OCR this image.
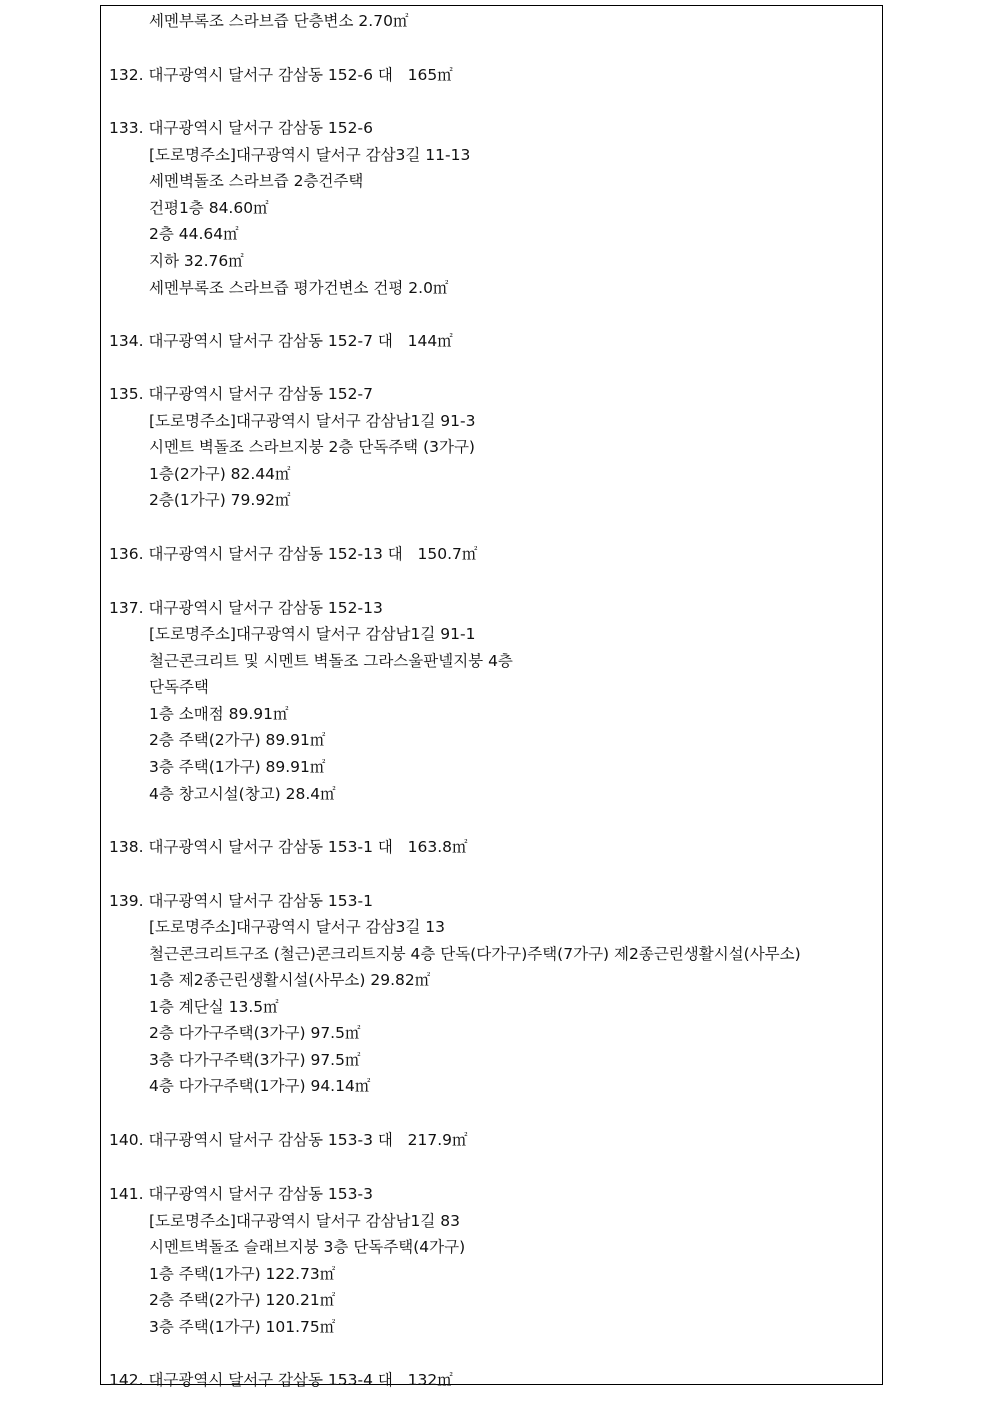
세멘부록조 스라브즙 단층변소 2.70㎡
132. 대구광역시 달서구 감삼동 152-6 대   165㎡
133. 대구광역시 달서구 감삼동 152-6
[도로명주소]대구광역시 달서구 감삼3길 11-13
세멘벽돌조 스라브즙 2층건주택
건평1층 84.60㎡
2층 44.64㎡
지하 32.76㎡
세멘부록조 스라브즙 평가건변소 건평 2.0㎡
134. 대구광역시 달서구 감삼동 152-7 대   144㎡
135. 대구광역시 달서구 감삼동 152-7
[도로명주소]대구광역시 달서구 감삼남1길 91-3
시멘트 벽돌조 스라브지붕 2층 단독주택 (3가구)
1층(2가구) 82.44㎡
2층(1가구) 79.92㎡
136. 대구광역시 달서구 감삼동 152-13 대   150.7㎡
137. 대구광역시 달서구 감삼동 152-13
[도로명주소]대구광역시 달서구 감삼남1길 91-1
철근콘크리트 및 시멘트 벽돌조 그라스울판넬지붕 4층
단독주택
1층 소매점 89.91㎡
2층 주택(2가구) 89.91㎡
3층 주택(1가구) 89.91㎡
4층 창고시설(창고) 28.4㎡
138. 대구광역시 달서구 감삼동 153-1 대   163.8㎡
139. 대구광역시 달서구 감삼동 153-1
[도로명주소]대구광역시 달서구 감삼3길 13
철근콘크리트구조 (철근)콘크리트지붕 4층 단독(다가구)주택(7가구) 제2종근린생활시설(사무소)
1층 제2종근린생활시설(사무소) 29.82㎡
1층 계단실 13.5㎡
2층 다가구주택(3가구) 97.5㎡
3층 다가구주택(3가구) 97.5㎡
4층 다가구주택(1가구) 94.14㎡
140. 대구광역시 달서구 감삼동 153-3 대   217.9㎡
141. 대구광역시 달서구 감삼동 153-3
[도로명주소]대구광역시 달서구 감삼남1길 83
시멘트벽돌조 슬래브지붕 3층 단독주택(4가구)
1층 주택(1가구) 122.73㎡
2층 주택(2가구) 120.21㎡
3층 주택(1가구) 101.75㎡
142. 대구광역시 달서구 감삼동 153-4 대   132㎡
